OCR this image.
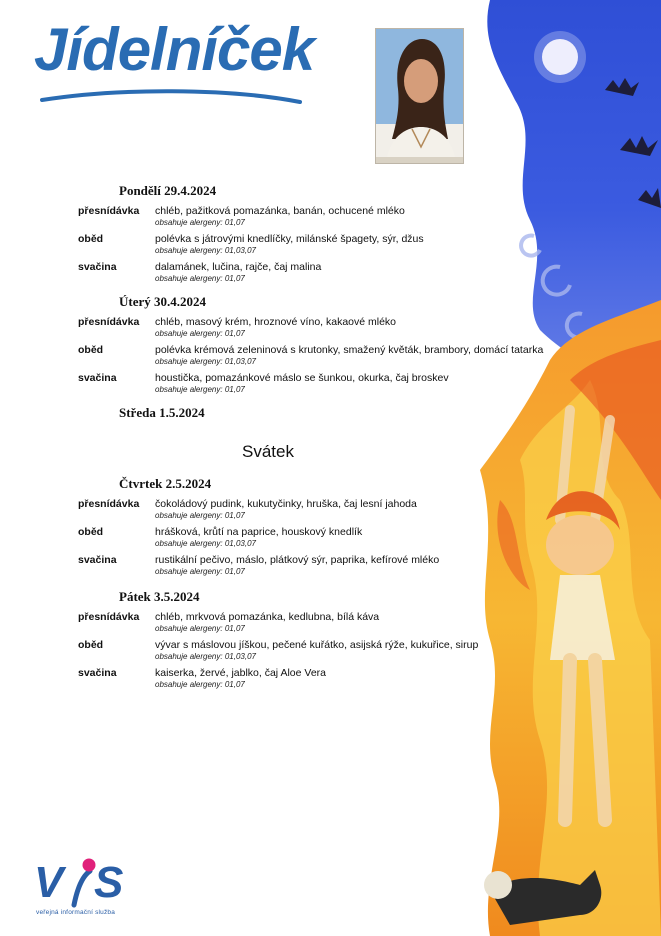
Jídelníček
Pondělí 29.4.2024
přesnídávka	chléb, pažitková pomazánka, banán, ochucené mléko
obsahuje alergeny: 01,07
oběd	polévka s játrovými knedlíčky, milánské špagety, sýr, džus
obsahuje alergeny: 01,03,07
svačina	dalamánek, lučina, rajče, čaj malina
obsahuje alergeny: 01,07
Úterý 30.4.2024
přesnídávka	chléb, masový krém, hroznové víno, kakaové mléko
obsahuje alergeny: 01,07
oběd	polévka krémová zeleninová s krutonky, smažený květák, brambory, domácí tatarka
obsahuje alergeny: 01,03,07
svačina	houstička, pomazánkové máslo se šunkou, okurka, čaj broskev
obsahuje alergeny: 01,07
Středa 1.5.2024
Svátek
Čtvrtek 2.5.2024
přesnídávka	čokoládový pudink, kukutyčinky, hruška, čaj lesní jahoda
obsahuje alergeny: 01,07
oběd	hrášková, krůtí na paprice, houskový knedlík
obsahuje alergeny: 01,03,07
svačina	rustikální pečivo, máslo, plátkový sýr, paprika, kefírové mléko
obsahuje alergeny: 01,07
Pátek 3.5.2024
přesnídávka	chléb, mrkvová pomazánka, kedlubna, bílá káva
obsahuje alergeny: 01,07
oběd	vývar s máslovou jíškou, pečené kuřátko, asijská rýže, kukuřice, sirup
obsahuje alergeny: 01,03,07
svačina	kaiserka, žervé, jablko, čaj Aloe Vera
obsahuje alergeny: 01,07
V S
veřejná informační služba
